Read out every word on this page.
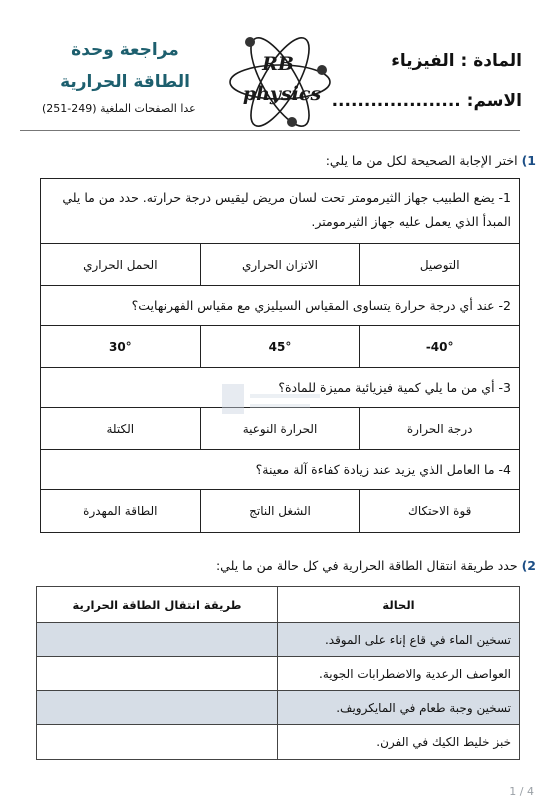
المادة : الفيزياء
الاسم: ....................
RB
physics
مراجعة وحدة
الطاقة الحرارية
عدا الصفحات الملغية (249-251)
1) اختر الإجابة الصحيحة لكل من ما يلي:
1- يضع الطبيب جهاز الثيرمومتر تحت لسان مريض ليقيس درجة حرارته. حدد من ما يلي المبدأ الذي يعمل عليه جهاز الثيرمومتر.
التوصيل
الاتزان الحراري
الحمل الحراري
2- عند أي درجة حرارة يتساوى المقياس السيليزي مع مقياس الفهرنهايت؟
-40°
45°
30°
3- أي من ما يلي كمية فيزيائية مميزة للمادة؟
درجة الحرارة
الحرارة النوعية
الكتلة
4- ما العامل الذي يزيد عند زيادة كفاءة آلة معينة؟
قوة الاحتكاك
الشغل الناتج
الطاقة المهدرة
2) حدد طريقة انتقال الطاقة الحرارية في كل حالة من ما يلي:
الحالة
طريقة انتقال الطاقة الحرارية
تسخين الماء في قاع إناء على الموقد.
العواصف الرعدية والاضطرابات الجوية.
تسخين وجبة طعام في المايكرويف.
خبز خليط الكيك في الفرن.
1 / 4
